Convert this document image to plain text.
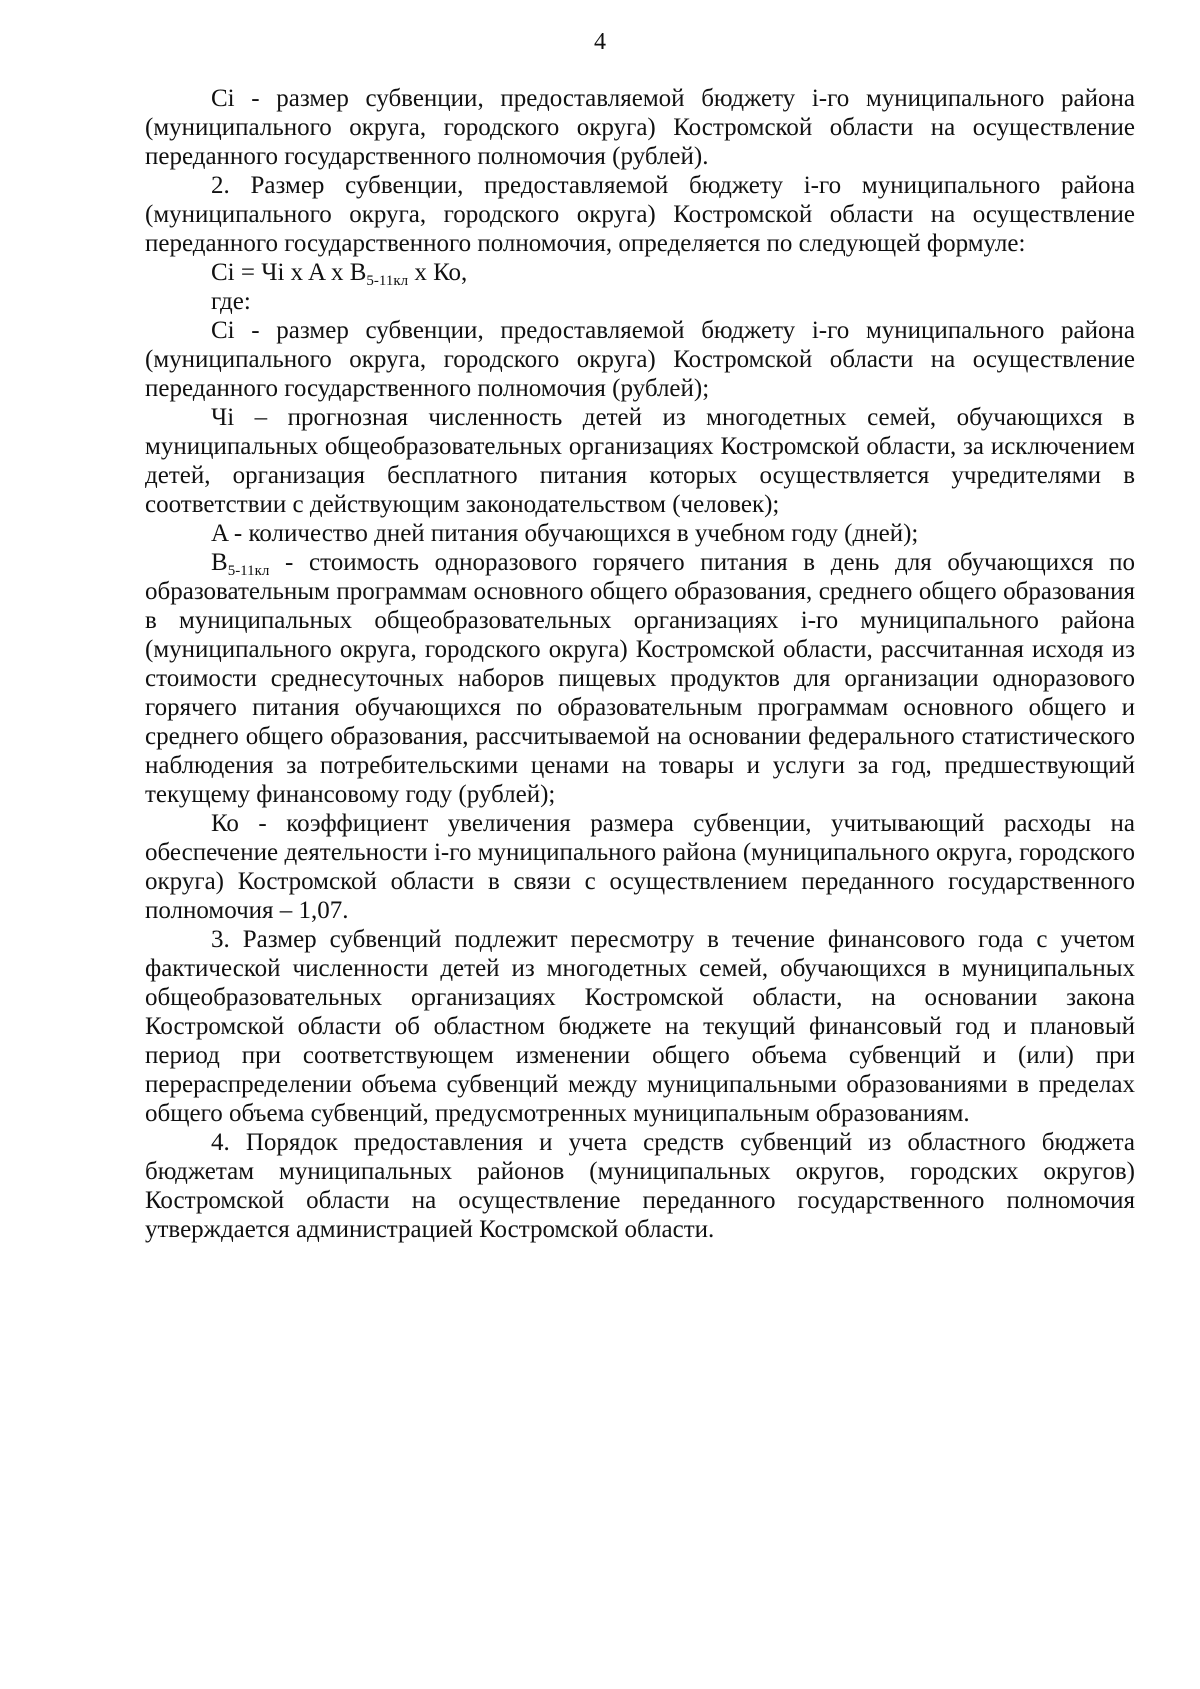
4

Ci - размер субвенции, предоставляемой бюджету i-го муниципального района (муниципального округа, городского округа) Костромской области на осуществление переданного государственного полномочия (рублей).

2. Размер субвенции, предоставляемой бюджету i-го муниципального района (муниципального округа, городского округа) Костромской области на осуществление переданного государственного полномочия, определяется по следующей формуле:

Ci = Чi x A x $B_{5-11кл}$ x Ко,

где:

Ci - размер субвенции, предоставляемой бюджету i-го муниципального района (муниципального округа, городского округа) Костромской области на осуществление переданного государственного полномочия (рублей);

Чi – прогнозная численность детей из многодетных семей, обучающихся в муниципальных общеобразовательных организациях Костромской области, за исключением детей, организация бесплатного питания которых осуществляется учредителями в соответствии с действующим законодательством (человек);

A - количество дней питания обучающихся в учебном году (дней);

$B_{5-11кл}$ - стоимость одноразового горячего питания в день для обучающихся по образовательным программам основного общего образования, среднего общего образования в муниципальных общеобразовательных организациях i-го муниципального района (муниципального округа, городского округа) Костромской области, рассчитанная исходя из стоимости среднесуточных наборов пищевых продуктов для организации одноразового горячего питания обучающихся по образовательным программам основного общего и среднего общего образования, рассчитываемой на основании федерального статистического наблюдения за потребительскими ценами на товары и услуги за год, предшествующий текущему финансовому году (рублей);

Ко - коэффициент увеличения размера субвенции, учитывающий расходы на обеспечение деятельности i-го муниципального района (муниципального округа, городского округа) Костромской области в связи с осуществлением переданного государственного полномочия – 1,07.

3. Размер субвенций подлежит пересмотру в течение финансового года с учетом фактической численности детей из многодетных семей, обучающихся в муниципальных общеобразовательных организациях Костромской области, на основании закона Костромской области об областном бюджете на текущий финансовый год и плановый период при соответствующем изменении общего объема субвенций и (или) при перераспределении объема субвенций между муниципальными образованиями в пределах общего объема субвенций, предусмотренных муниципальным образованиям.

4. Порядок предоставления и учета средств субвенций из областного бюджета бюджетам муниципальных районов (муниципальных округов, городских округов) Костромской области на осуществление переданного государственного полномочия утверждается администрацией Костромской области.
